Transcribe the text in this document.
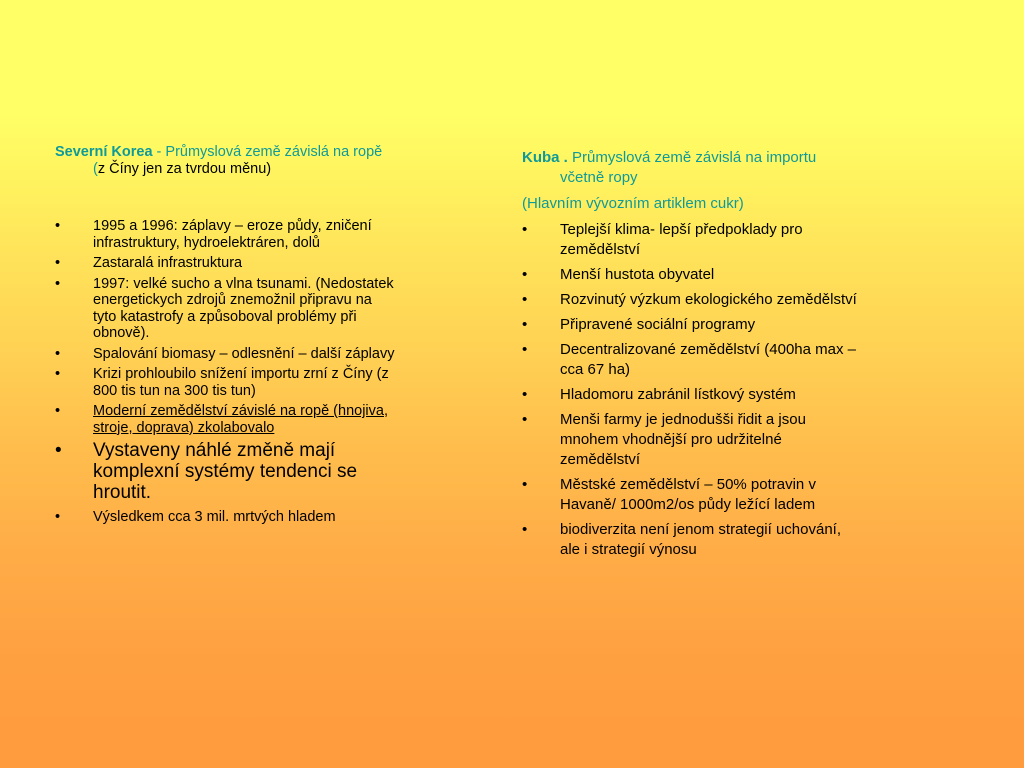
Severní Korea - Průmyslová země závislá na ropě (z Číny jen za tvrdou měnu)
•	1995 a 1996: záplavy – eroze půdy, zničení infrastruktury, hydroelektráren, dolů
•	Zastaralá infrastruktura
•	1997: velké sucho a vlna tsunami. (Nedostatek energetickych zdrojů znemožnil připravu na tyto katastrofy a způsoboval problémy při obnově).
•	Spalování biomasy – odlesnění – další záplavy
•	Krizi prohloubilo snížení importu zrní z Číny (z 800 tis tun na 300 tis tun)
•	Moderní zemědělství závislé na ropě (hnojiva, stroje, doprava) zkolabovalo
•	Vystaveny náhlé změně mají komplexní systémy tendenci se hroutit.
•	Výsledkem cca 3 mil. mrtvých hladem
Kuba . Průmyslová země závislá na importu včetně ropy
(Hlavním vývozním artiklem cukr)
•	Teplejší klima- lepší předpoklady pro zemědělství
•	Menší hustota obyvatel
•	Rozvinutý výzkum ekologického zemědělství
•	Připravené sociální programy
•	Decentralizované zemědělství (400ha max – cca 67 ha)
•	Hladomoru zabránil lístkový systém
•	Menši farmy je jednodušši řidit a jsou mnohem vhodnější pro udržitelné zemědělství
•	Městské zemědělství – 50% potravin v Havaně/ 1000m2/os půdy ležící ladem
•	biodiverzita není jenom strategií uchování, ale i strategií výnosu
